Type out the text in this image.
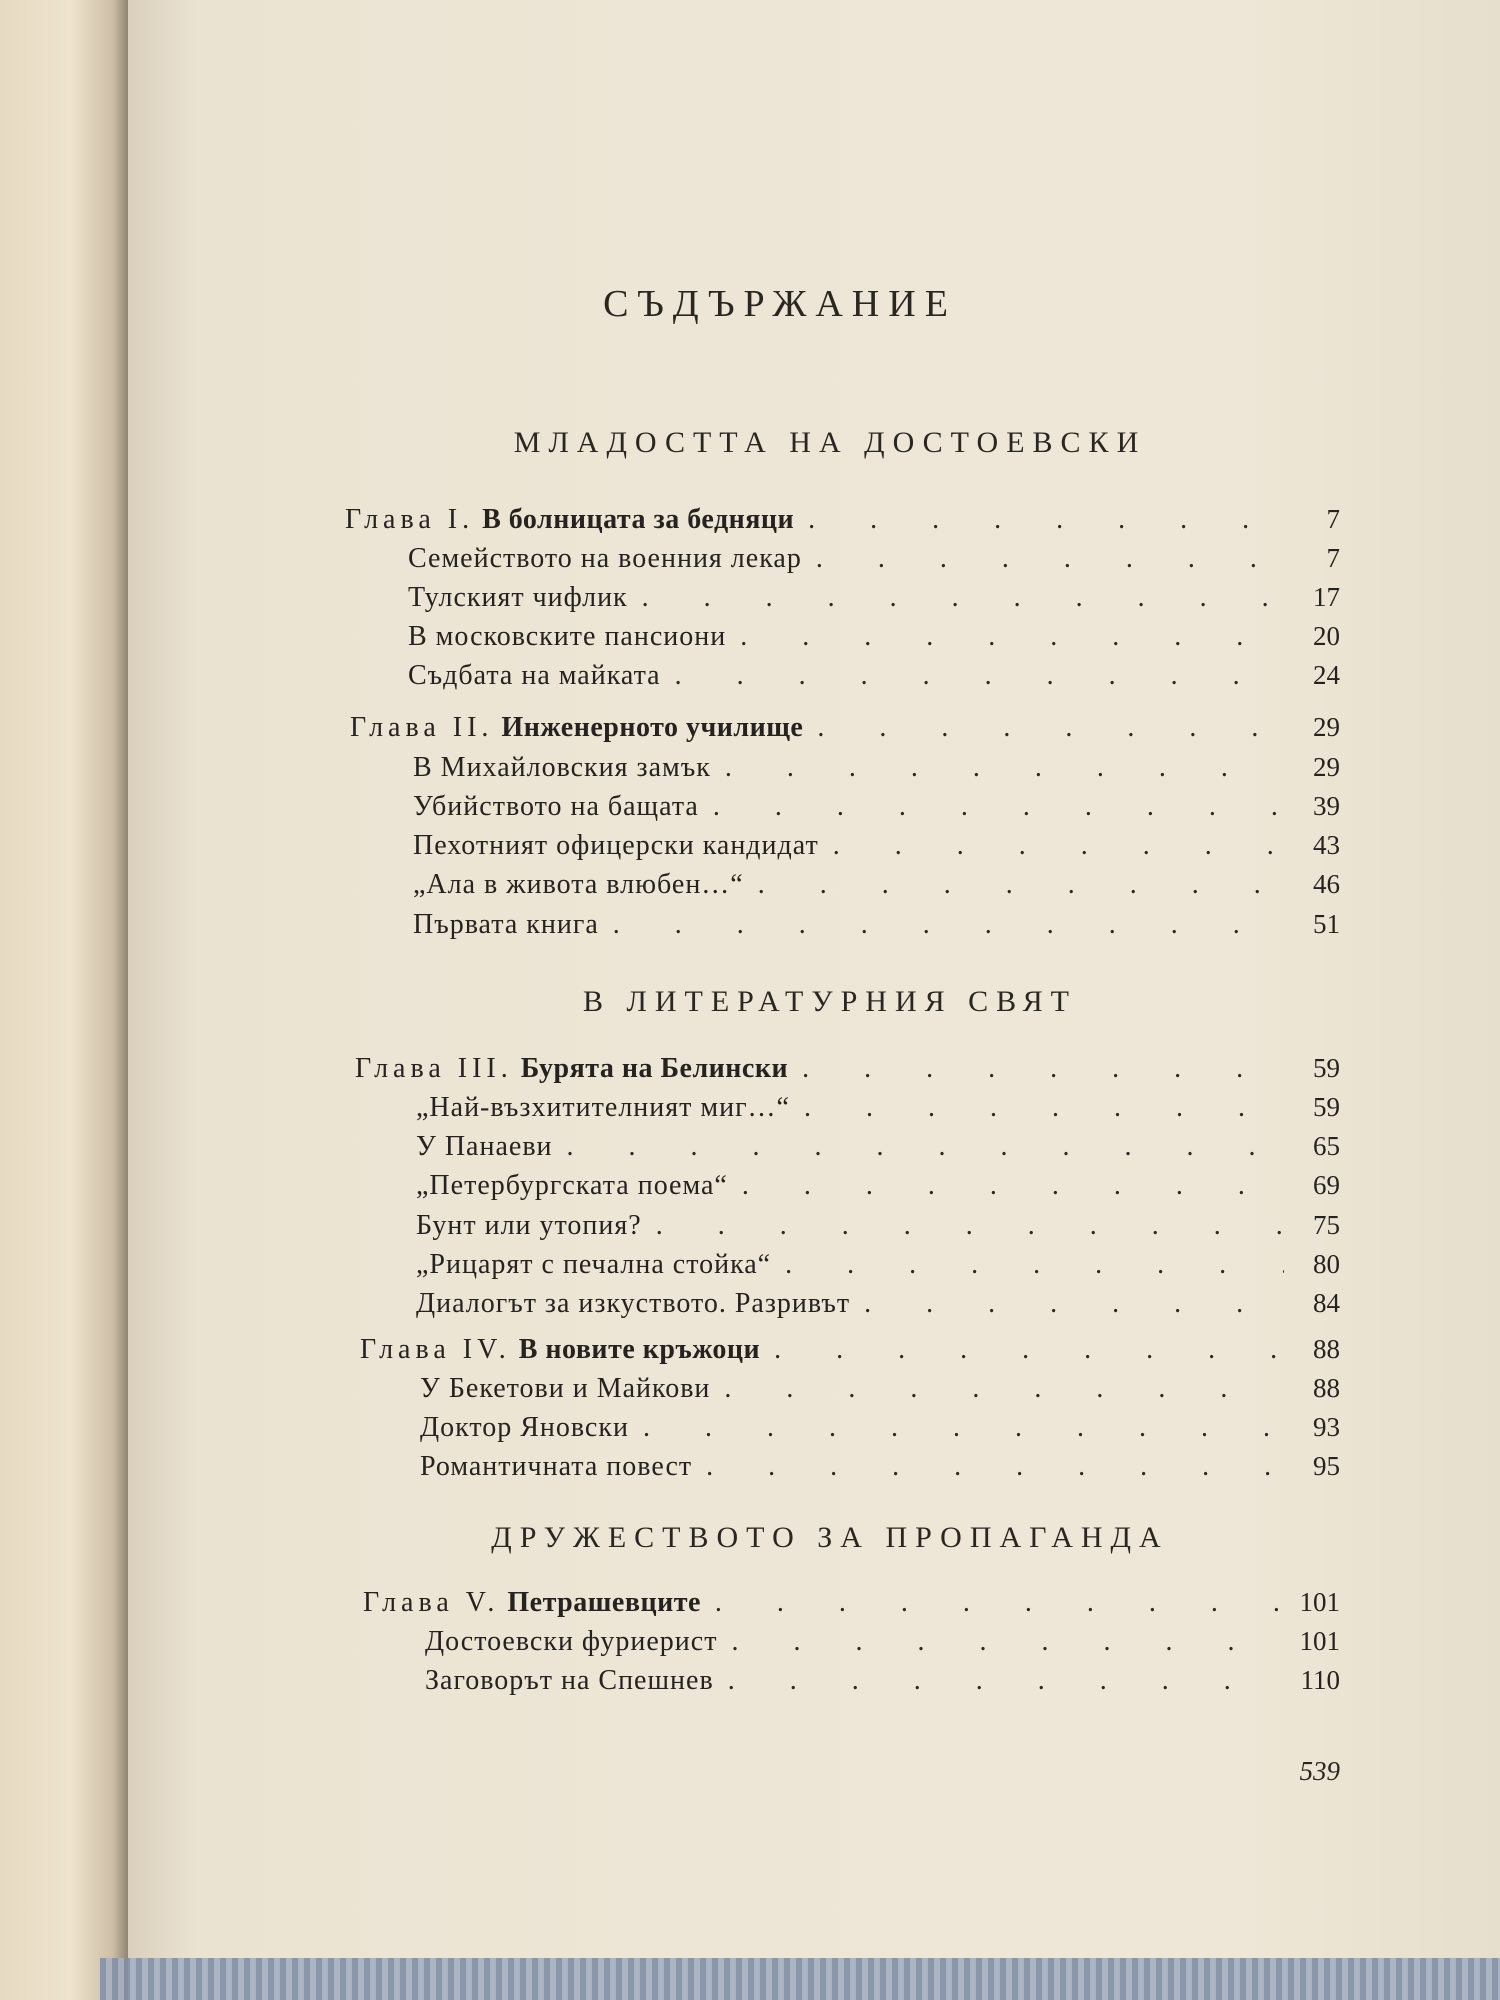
СЪДЪРЖАНИЕ
МЛАДОСТТА НА ДОСТОЕВСКИ
В ЛИТЕРАТУРНИЯ СВЯТ
ДРУЖЕСТВОТО ЗА ПРОПАГАНДА
Глава I. В болницата за бедняци . . .	7
Семейството на военния лекар . . .	7
Тулският чифлик . . .	17
В московските пансиони . . .	20
Съдбата на майката . . .	24
Глава II. Инженерното училище . . .	29
В Михайловския замък . . .	29
Убийството на бащата . . .	39
Пехотният офицерски кандидат . . .	43
„Ала в живота влюбен…“ . . .	46
Първата книга . . .	51
Глава III. Бурята на Белински . . .	59
„Най-възхитителният миг…“ . . .	59
У Панаеви . . .	65
„Петербургската поема“ . . .	69
Бунт или утопия? . . .	75
„Рицарят с печална стойка“ . . .	80
Диалогът за изкуството. Разривът . . .	84
Глава IV. В новите кръжоци . . .	88
У Бекетови и Майкови . . .	88
Доктор Яновски . . .	93
Романтичната повест . . .	95
Глава V. Петрашевците . . .	101
Достоевски фуриерист . . .	101
Заговорът на Спешнев . . .	110
539
